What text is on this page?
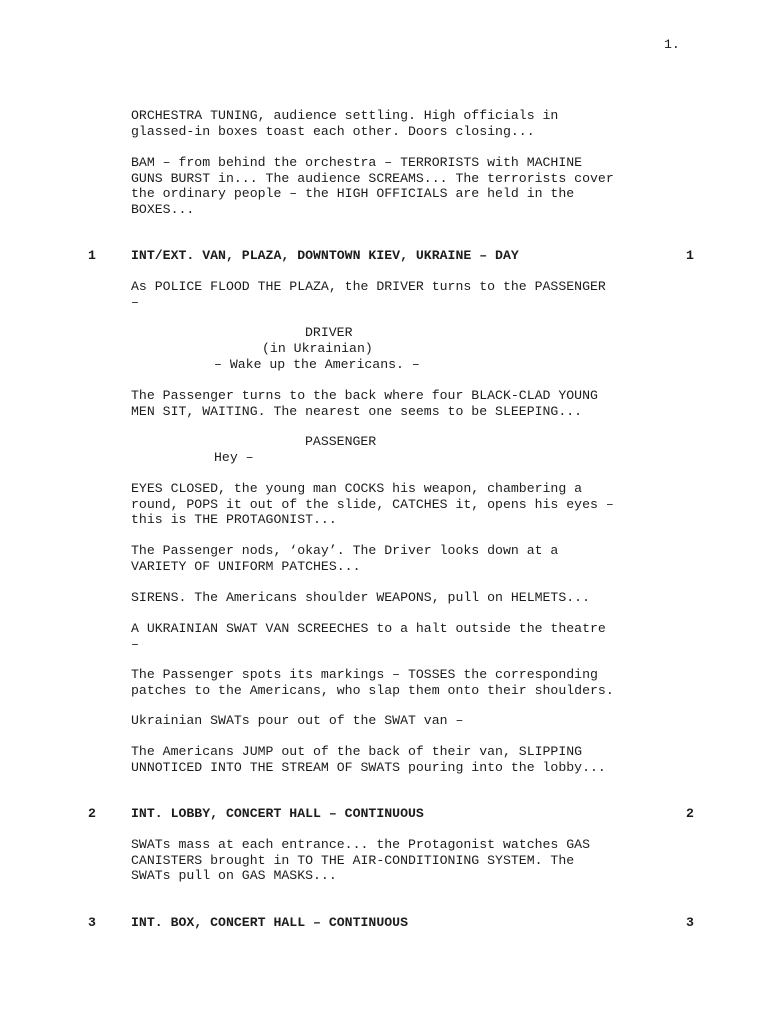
1.
ORCHESTRA TUNING, audience settling. High officials in
glassed-in boxes toast each other. Doors closing...
BAM – from behind the orchestra – TERRORISTS with MACHINE
GUNS BURST in... The audience SCREAMS... The terrorists cover
the ordinary people – the HIGH OFFICIALS are held in the
BOXES...
1	INT/EXT. VAN, PLAZA, DOWNTOWN KIEV, UKRAINE – DAY	1
As POLICE FLOOD THE PLAZA, the DRIVER turns to the PASSENGER
–
DRIVER
(in Ukrainian)
– Wake up the Americans. –
The Passenger turns to the back where four BLACK-CLAD YOUNG
MEN SIT, WAITING. The nearest one seems to be SLEEPING...
PASSENGER
Hey –
EYES CLOSED, the young man COCKS his weapon, chambering a
round, POPS it out of the slide, CATCHES it, opens his eyes –
this is THE PROTAGONIST...
The Passenger nods, ‘okay’. The Driver looks down at a
VARIETY OF UNIFORM PATCHES...
SIRENS. The Americans shoulder WEAPONS, pull on HELMETS...
A UKRAINIAN SWAT VAN SCREECHES to a halt outside the theatre
–
The Passenger spots its markings – TOSSES the corresponding
patches to the Americans, who slap them onto their shoulders.
Ukrainian SWATs pour out of the SWAT van –
The Americans JUMP out of the back of their van, SLIPPING
UNNOTICED INTO THE STREAM OF SWATS pouring into the lobby...
2	INT. LOBBY, CONCERT HALL – CONTINUOUS	2
SWATs mass at each entrance... the Protagonist watches GAS
CANISTERS brought in TO THE AIR-CONDITIONING SYSTEM. The
SWATs pull on GAS MASKS...
3	INT. BOX, CONCERT HALL – CONTINUOUS	3
